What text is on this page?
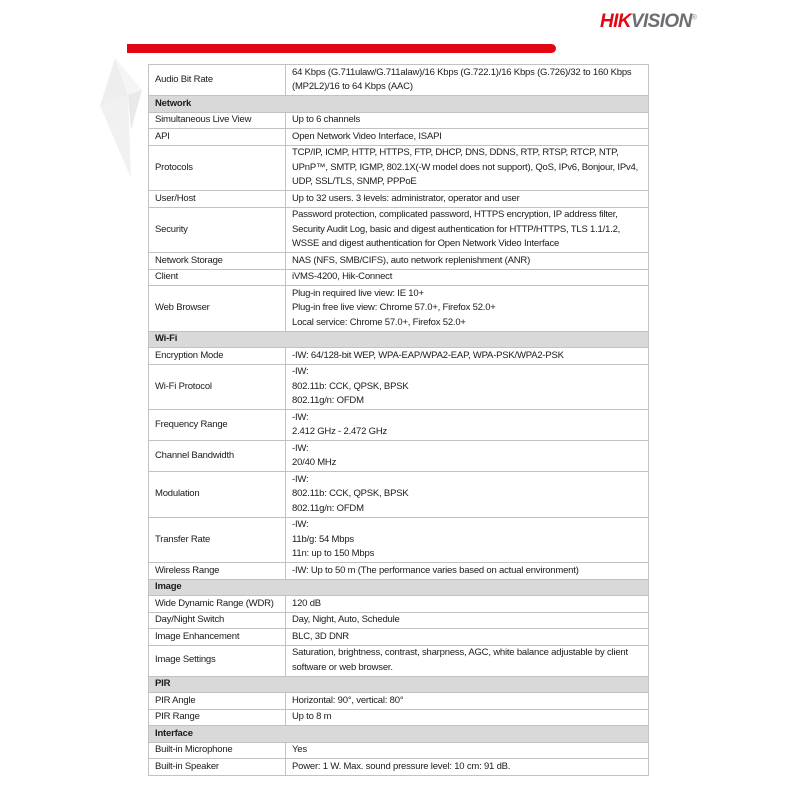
HIKVISION®
Audio Bit Rate	64 Kbps (G.711ulaw/G.711alaw)/16 Kbps (G.722.1)/16 Kbps (G.726)/32 to 160 Kbps (MP2L2)/16 to 64 Kbps (AAC)

Network	
Simultaneous Live View	Up to 6 channels

API	Open Network Video Interface, ISAPI

Protocols	TCP/IP, ICMP, HTTP, HTTPS, FTP, DHCP, DNS, DDNS, RTP, RTSP, RTCP, NTP, UPnP™, SMTP, IGMP, 802.1X(-W model does not support), QoS, IPv6, Bonjour, IPv4, UDP, SSL/TLS, SNMP, PPPoE

User/Host	Up to 32 users. 3 levels: administrator, operator and user

Security	Password protection, complicated password, HTTPS encryption, IP address filter, Security Audit Log, basic and digest authentication for HTTP/HTTPS, TLS 1.1/1.2, WSSE and digest authentication for Open Network Video Interface

Network Storage	NAS (NFS, SMB/CIFS), auto network replenishment (ANR)

Client	iVMS-4200, Hik-Connect

Web Browser	Plug-in required live view: IE 10+
Plug-in free live view: Chrome 57.0+, Firefox 52.0+
Local service: Chrome 57.0+, Firefox 52.0+

Wi-Fi	
Encryption Mode	-IW: 64/128-bit WEP, WPA-EAP/WPA2-EAP, WPA-PSK/WPA2-PSK

Wi-Fi Protocol	-IW:
802.11b: CCK, QPSK, BPSK
802.11g/n: OFDM

Frequency Range	-IW:
2.412 GHz - 2.472 GHz

Channel Bandwidth	-IW:
20/40 MHz

Modulation	-IW:
802.11b: CCK, QPSK, BPSK
802.11g/n: OFDM

Transfer Rate	-IW:
11b/g: 54 Mbps
11n: up to 150 Mbps

Wireless Range	-IW: Up to 50 m (The performance varies based on actual environment)

Image	
Wide Dynamic Range (WDR)	120 dB

Day/Night Switch	Day, Night, Auto, Schedule

Image Enhancement	BLC, 3D DNR

Image Settings	Saturation, brightness, contrast, sharpness, AGC, white balance adjustable by client software or web browser.

PIR	
PIR Angle	Horizontal: 90°, vertical: 80°

PIR Range	Up to 8 m

Interface	
Built-in Microphone	Yes

Built-in Speaker	Power: 1 W. Max. sound pressure level: 10 cm: 91 dB.
